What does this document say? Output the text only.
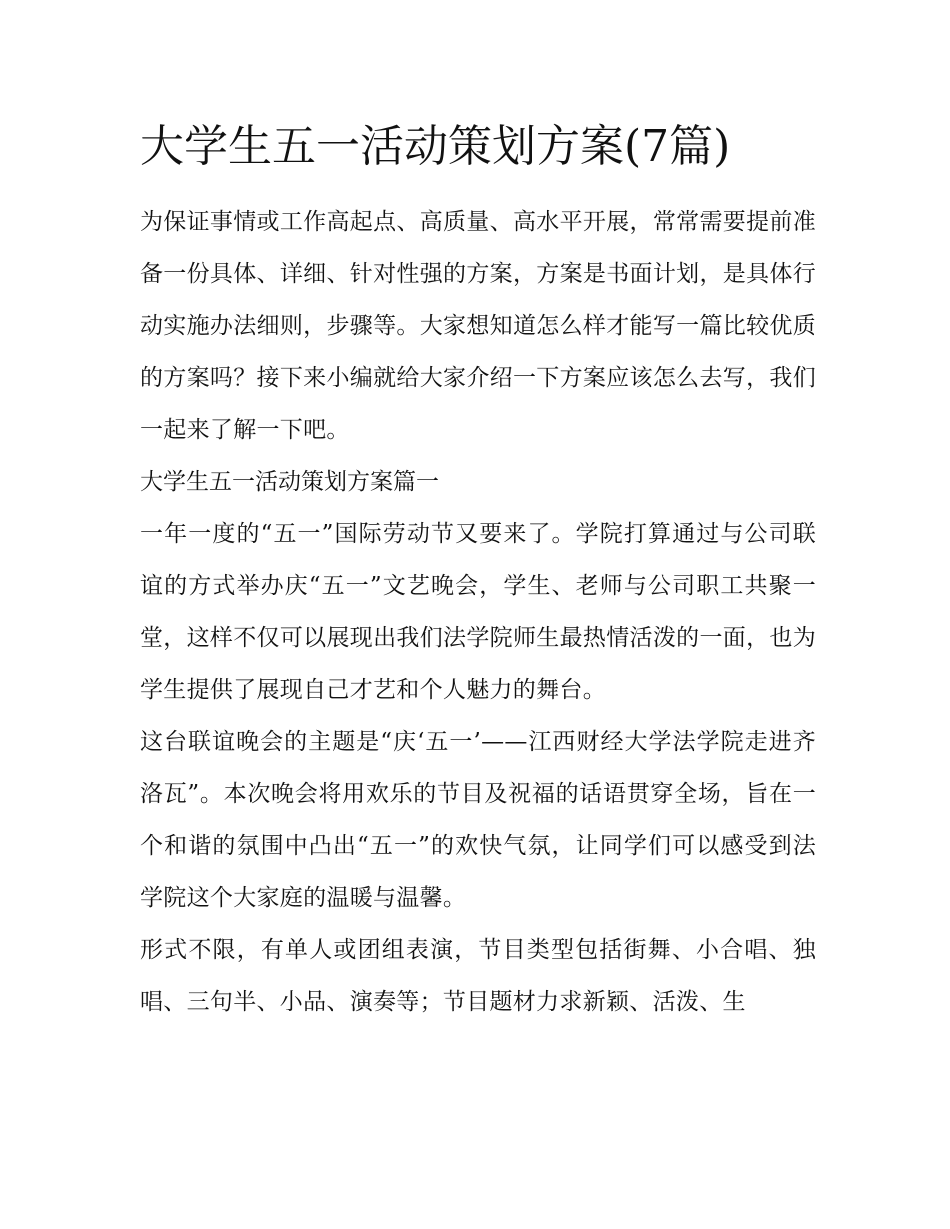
大学生五一活动策划方案(7篇)

为保证事情或工作高起点、高质量、高水平开展，常常需要提前准备一份具体、详细、针对性强的方案，方案是书面计划，是具体行动实施办法细则，步骤等。大家想知道怎么样才能写一篇比较优质的方案吗？接下来小编就给大家介绍一下方案应该怎么去写，我们一起来了解一下吧。

大学生五一活动策划方案篇一

一年一度的“五一”国际劳动节又要来了。学院打算通过与公司联谊的方式举办庆“五一”文艺晚会，学生、老师与公司职工共聚一堂，这样不仅可以展现出我们法学院师生最热情活泼的一面，也为学生提供了展现自己才艺和个人魅力的舞台。

这台联谊晚会的主题是“庆‘五一’——江西财经大学法学院走进齐洛瓦”。本次晚会将用欢乐的节目及祝福的话语贯穿全场，旨在一个和谐的氛围中凸出“五一”的欢快气氛，让同学们可以感受到法学院这个大家庭的温暖与温馨。

形式不限，有单人或团组表演，节目类型包括街舞、小合唱、独唱、三句半、小品、演奏等；节目题材力求新颖、活泼、生
